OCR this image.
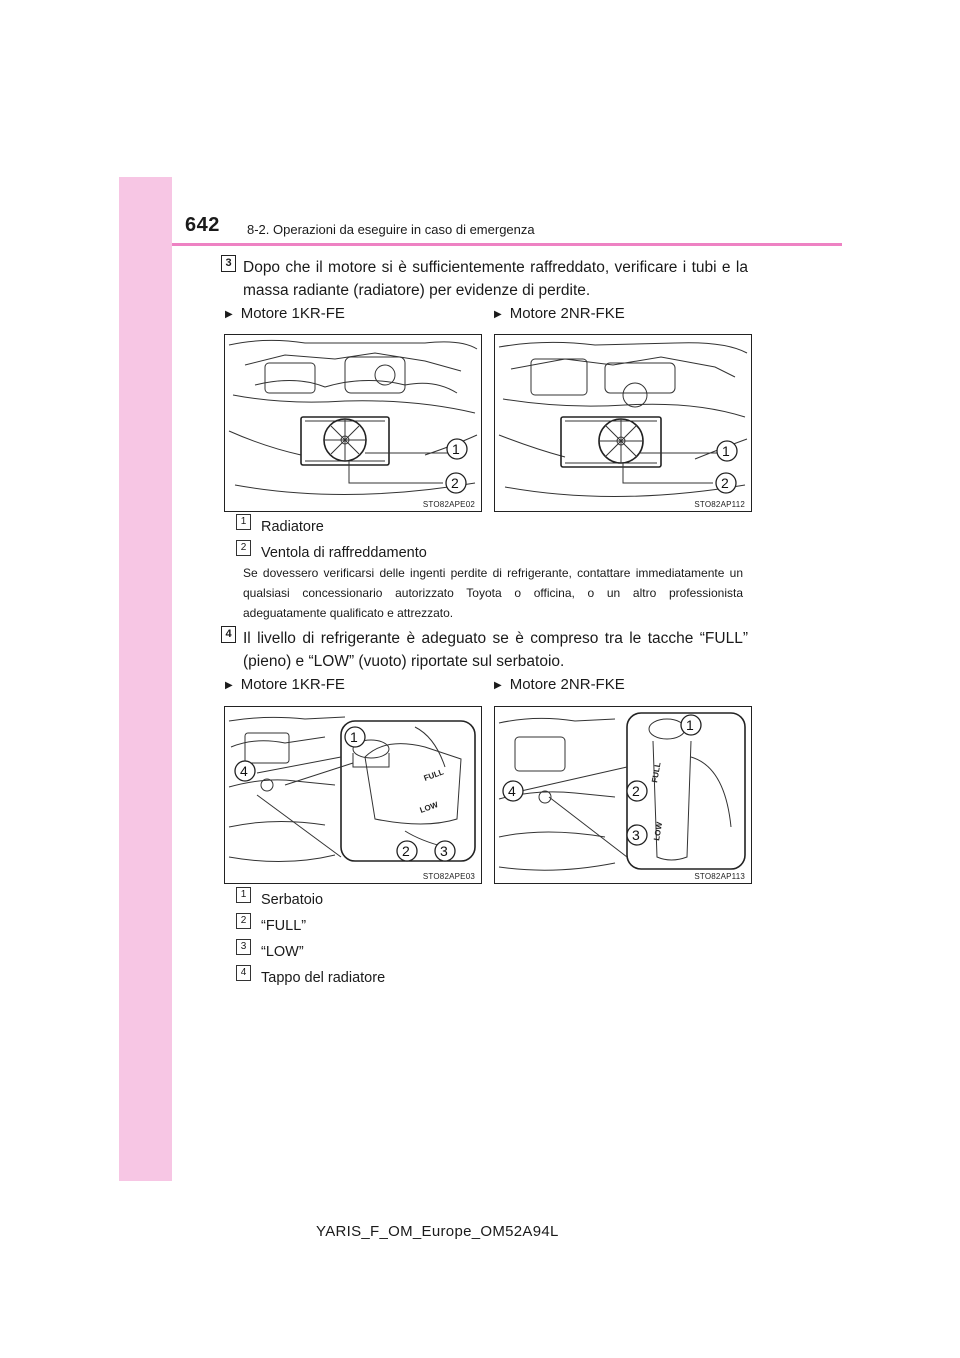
642 8-2. Operazioni da eseguire in caso di emergenza
3 Dopo che il motore si è sufficientemente raffreddato, verificare i tubi e la massa radiante (radiatore) per evidenze di perdite.
▶ Motore 1KR-FE	▶ Motore 2NR-FKE
1
2
STO82APE02
1
2
STO82AP112
1 Radiatore
2 Ventola di raffreddamento
Se dovessero verificarsi delle ingenti perdite di refrigerante, contattare immediatamente un qualsiasi concessionario autorizzato Toyota o officina, o un altro professionista adeguatamente qualificato e attrezzato.
4 Il livello di refrigerante è adeguato se è compreso tra le tacche “FULL” (pieno) e “LOW” (vuoto) riportate sul serbatoio.
▶ Motore 1KR-FE	▶ Motore 2NR-FKE
FULL
LOW
1
2 3
4
STO82APE03
FULL
LOW
1
2
3
4
STO82AP113
1 Serbatoio
2 “FULL”
3 “LOW”
4 Tappo del radiatore
YARIS_F_OM_Europe_OM52A94L
